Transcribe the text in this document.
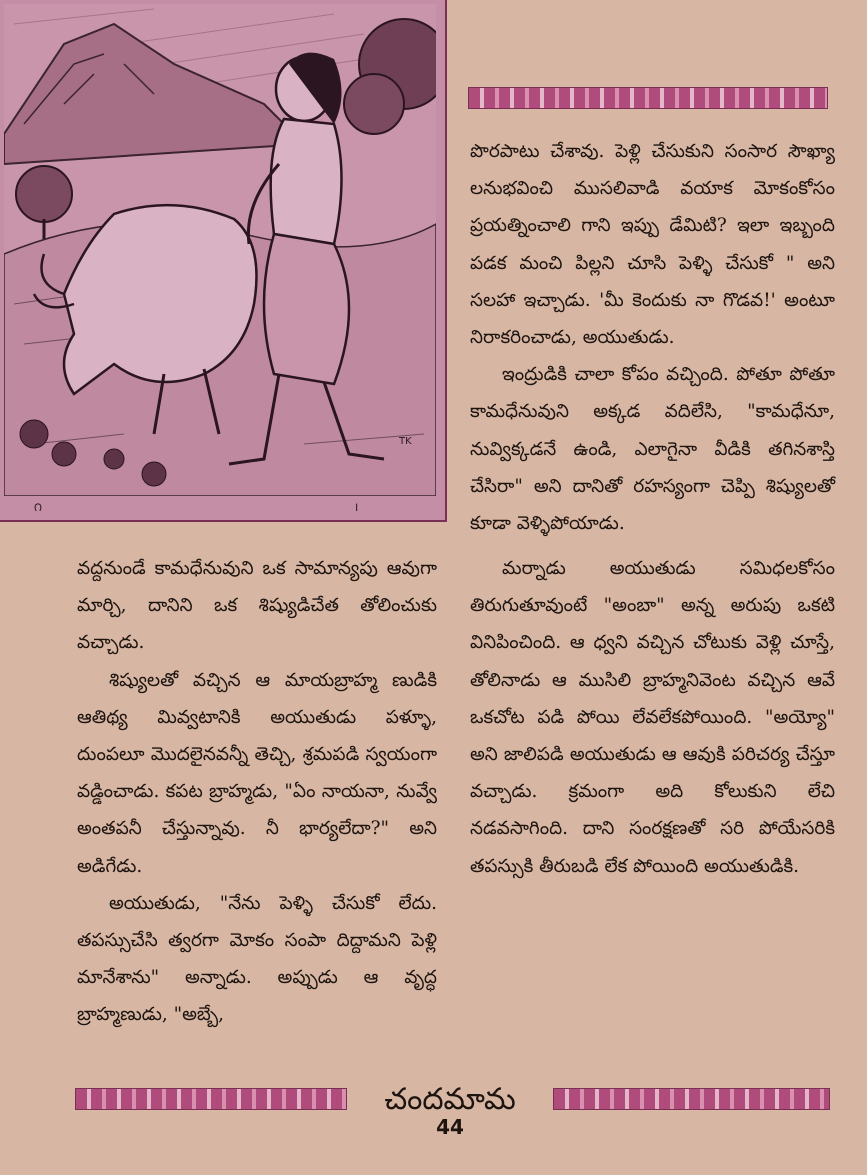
TK
౧	౹

పొరపాటు చేశావు. పెళ్లి చేసుకుని సంసార సౌఖ్యా లనుభవించి ముసలివాడి వయాక మోకంకోసం ప్రయత్నించాలి గాని ఇప్పు డేమిటి? ఇలా ఇబ్బంది పడక మంచి పిల్లని చూసి పెళ్ళి చేసుకో " అని సలహా ఇచ్చాడు. 'మీ కెందుకు నా గొడవ!' అంటూ నిరాకరించాడు, అయుతుడు.

ఇంద్రుడికి చాలా కోపం వచ్చింది. పోతూ పోతూ కామధేనువుని అక్కడ వదిలేసి, "కామధేనూ, నువ్విక్కడనే ఉండి, ఎలాగైనా వీడికి తగినశాస్తి చేసిరా" అని దానితో రహస్యంగా చెప్పి శిష్యులతో కూడా వెళ్ళిపోయాడు.

వద్దనుండే కామధేనువుని ఒక సామాన్యపు ఆవుగా మార్చి, దానిని ఒక శిష్యుడిచేత తోలించుకు వచ్చాడు.

శిష్యులతో వచ్చిన ఆ మాయబ్రాహ్మ ణుడికి ఆతిథ్య మివ్వటానికి అయుతుడు పళ్ళూ, దుంపలూ మొదలైనవన్నీ తెచ్చి, శ్రమపడి స్వయంగా వడ్డించాడు. కపట బ్రాహ్మడు, "ఏం నాయనా, నువ్వే అంతపనీ చేస్తున్నావు. నీ భార్యలేదా?" అని అడిగేడు.

అయుతుడు, "నేను పెళ్ళి చేసుకో లేదు. తపస్సుచేసి త్వరగా మోకం సంపా దిద్దామని పెళ్లి మానేశాను" అన్నాడు. అప్పుడు ఆ వృద్ధ బ్రాహ్మణుడు, "అబ్బే,

మర్నాడు అయుతుడు సమిధలకోసం తిరుగుతూవుంటే "అంబా" అన్న అరుపు ఒకటి వినిపించింది. ఆ ధ్వని వచ్చిన చోటుకు వెళ్లి చూస్తే, తోలినాడు ఆ ముసిలి బ్రాహ్మనివెంట వచ్చిన ఆవే ఒకచోట పడి పోయి లేవలేకపోయింది. "అయ్యో" అని జాలిపడి అయుతుడు ఆ ఆవుకి పరిచర్య చేస్తూ వచ్చాడు. క్రమంగా అది కోలుకుని లేచి నడవసాగింది. దాని సంరక్షణతో సరి పోయేసరికి తపస్సుకి తీరుబడి లేక పోయింది అయుతుడికి.

చందమామ
44
